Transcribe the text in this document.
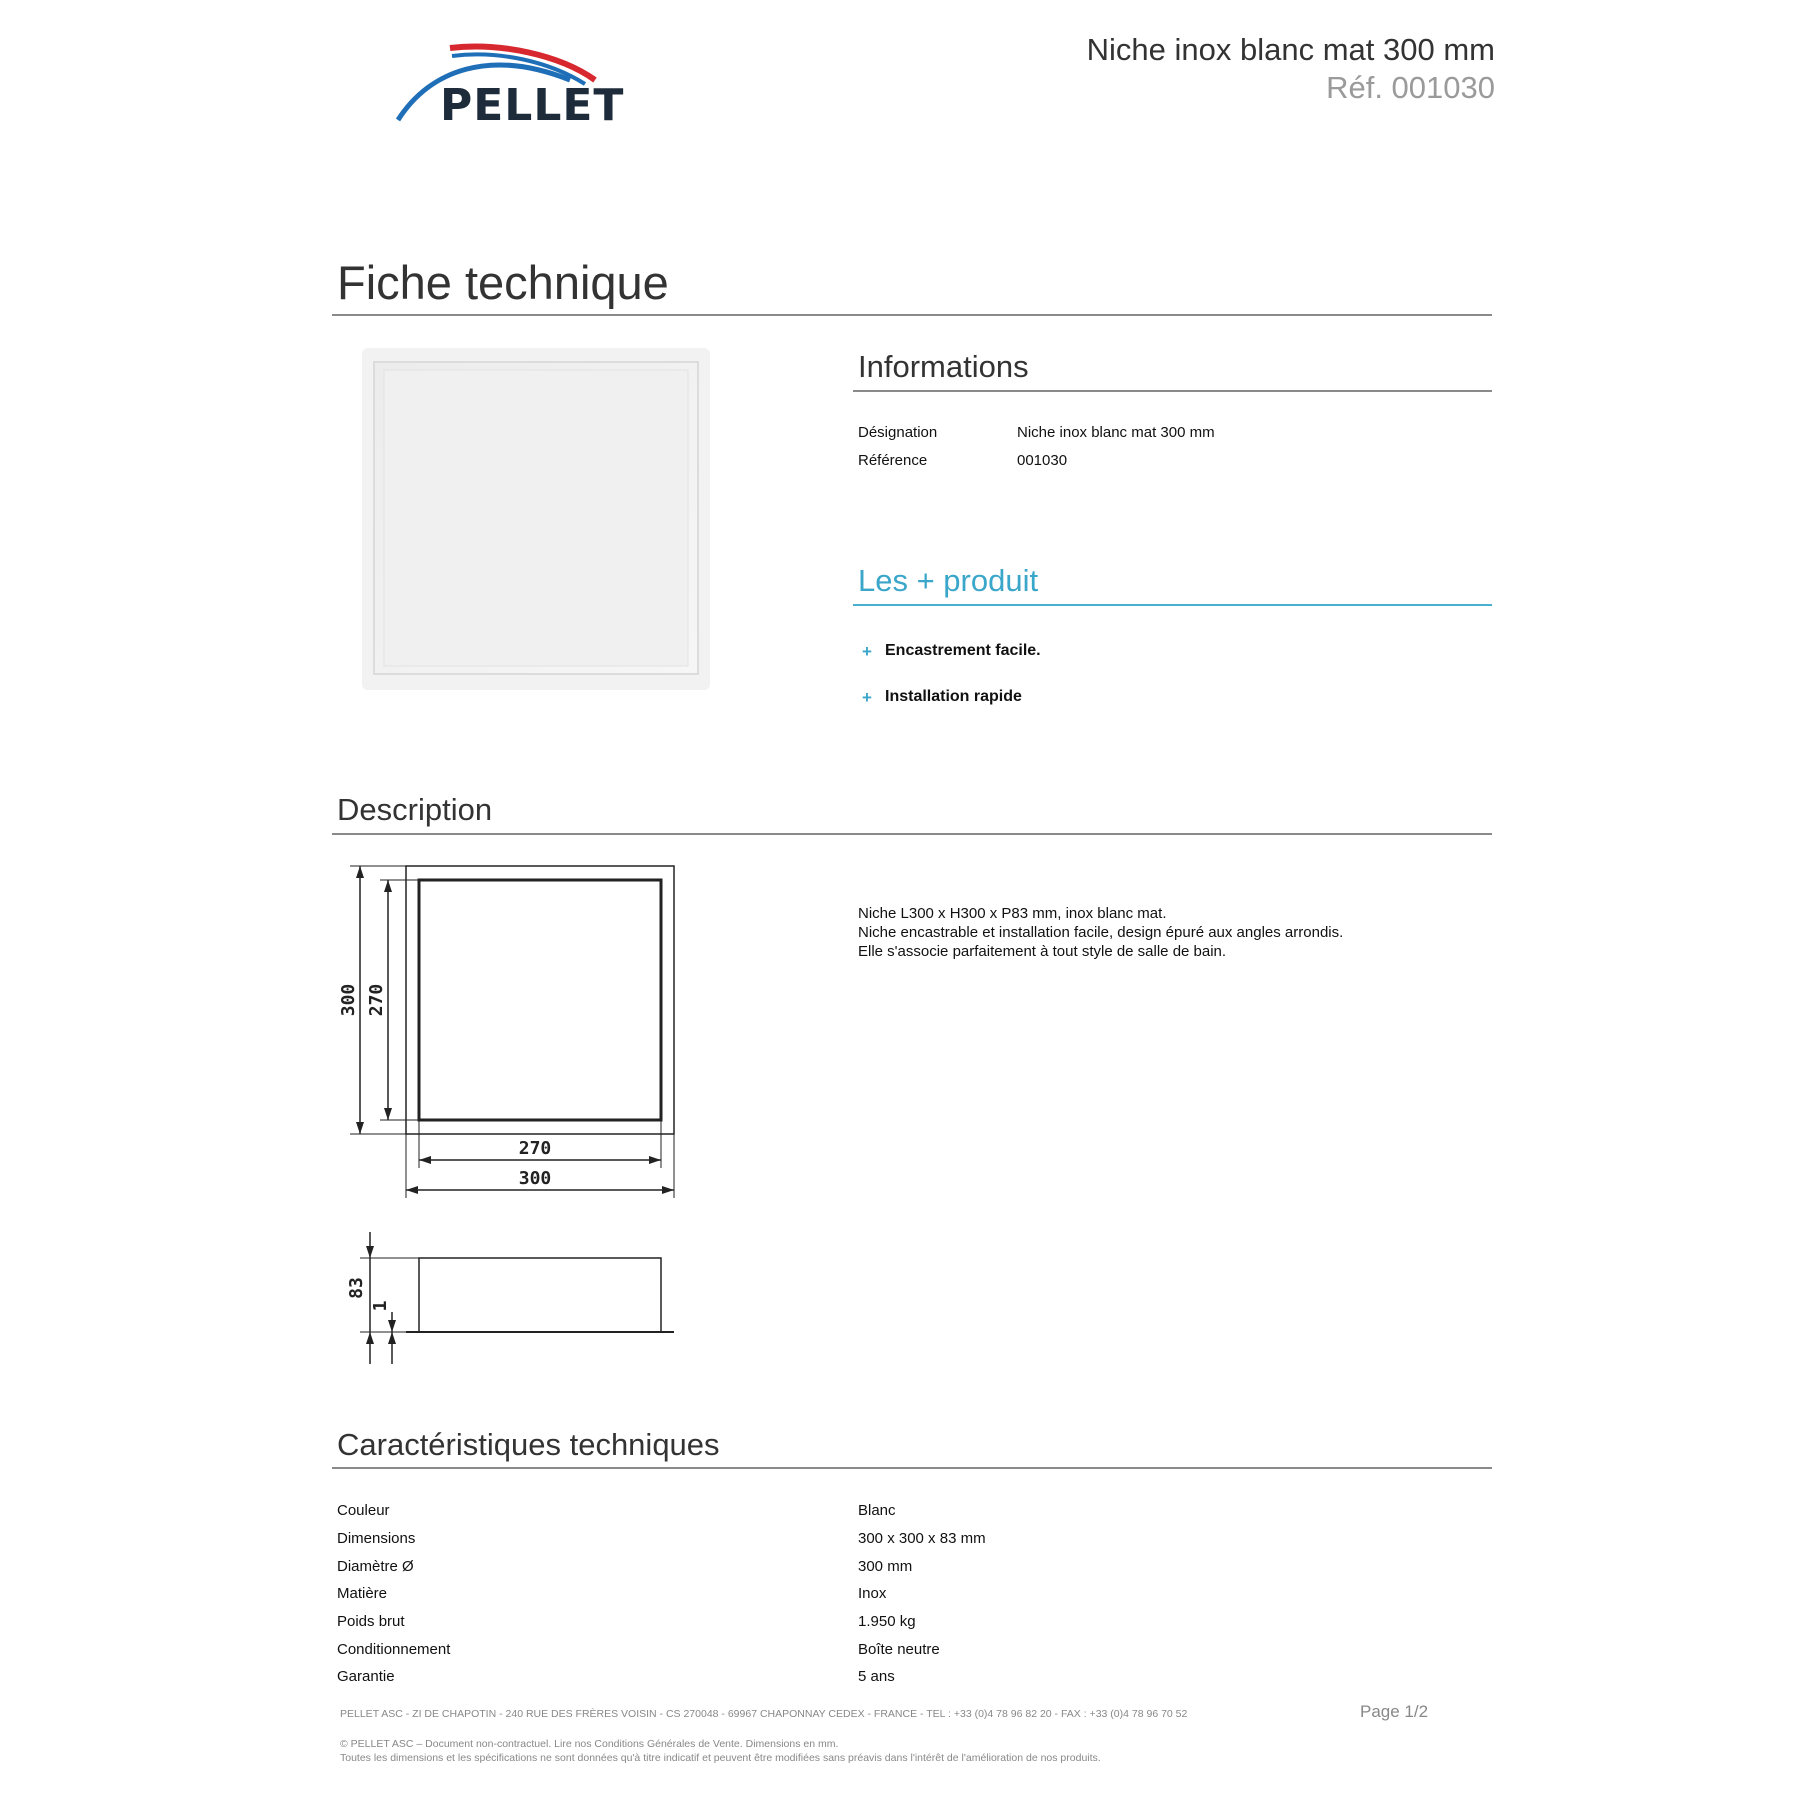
PELLET
Niche inox blanc mat 300 mm
Réf. 001030
Fiche technique
Informations
Désignation	Niche inox blanc mat 300 mm
Référence	001030
Les + produit
+ Encastrement facile.
+ Installation rapide
Description
300 270
270
300
83
1
Niche L300 x H300 x P83 mm, inox blanc mat.
Niche encastrable et installation facile, design épuré aux angles arrondis.
Elle s'associe parfaitement à tout style de salle de bain.
Caractéristiques techniques
Couleur	Blanc
Dimensions	300 x 300 x 83 mm
Diamètre Ø	300 mm
Matière	Inox
Poids brut	1.950 kg
Conditionnement	Boîte neutre
Garantie	5 ans
PELLET ASC - ZI DE CHAPOTIN - 240 RUE DES FRÈRES VOISIN - CS 270048 - 69967 CHAPONNAY CEDEX - FRANCE - TEL : +33 (0)4 78 96 82 20 - FAX : +33 (0)4 78 96 70 52	Page 1/2
© PELLET ASC – Document non-contractuel. Lire nos Conditions Générales de Vente. Dimensions en mm.
Toutes les dimensions et les spécifications ne sont données qu'à titre indicatif et peuvent être modifiées sans préavis dans l'intérêt de l'amélioration de nos produits.
